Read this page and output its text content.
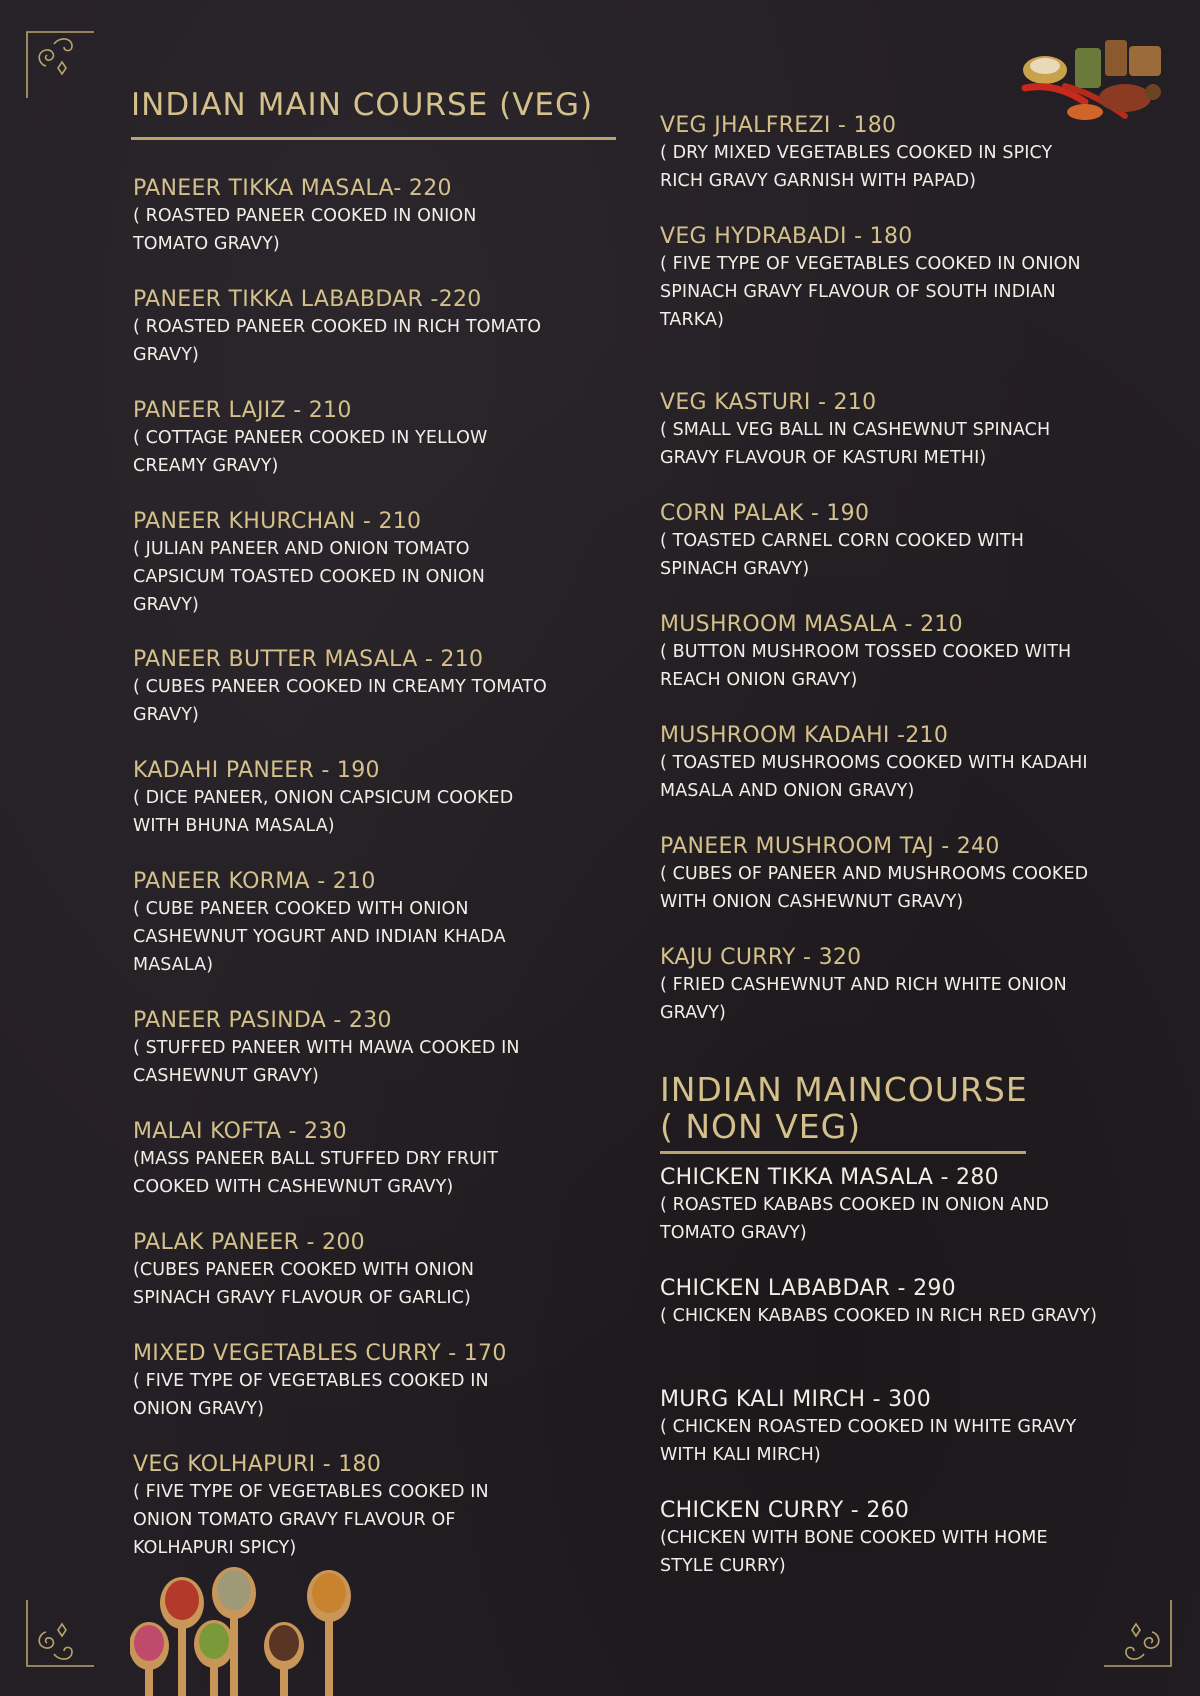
INDIAN MAIN COURSE (VEG)
PANEER TIKKA MASALA- 220
( ROASTED PANEER COOKED IN ONION TOMATO GRAVY)
PANEER TIKKA LABABDAR -220
( ROASTED PANEER COOKED IN RICH TOMATO GRAVY)
PANEER LAJIZ - 210
( COTTAGE PANEER COOKED IN YELLOW CREAMY GRAVY)
PANEER KHURCHAN - 210
( JULIAN PANEER AND ONION TOMATO CAPSICUM TOASTED COOKED IN ONION GRAVY)
PANEER BUTTER MASALA - 210
( CUBES PANEER COOKED IN CREAMY TOMATO GRAVY)
KADAHI PANEER - 190
( DICE PANEER, ONION CAPSICUM COOKED WITH BHUNA MASALA)
PANEER KORMA - 210
( CUBE PANEER COOKED WITH ONION CASHEWNUT YOGURT AND INDIAN KHADA MASALA)
PANEER PASINDA - 230
( STUFFED PANEER WITH MAWA COOKED IN CASHEWNUT GRAVY)
MALAI KOFTA - 230
(MASS PANEER BALL STUFFED DRY FRUIT COOKED WITH CASHEWNUT GRAVY)
PALAK PANEER - 200
(CUBES PANEER COOKED WITH ONION SPINACH GRAVY FLAVOUR OF GARLIC)
MIXED VEGETABLES CURRY - 170
( FIVE TYPE OF VEGETABLES COOKED IN ONION GRAVY)
VEG KOLHAPURI - 180
( FIVE TYPE OF VEGETABLES COOKED IN ONION TOMATO GRAVY FLAVOUR OF KOLHAPURI SPICY)
VEG JHALFREZI - 180
( DRY MIXED VEGETABLES COOKED IN SPICY RICH GRAVY GARNISH WITH PAPAD)
VEG HYDRABADI - 180
( FIVE TYPE OF VEGETABLES COOKED IN ONION SPINACH GRAVY FLAVOUR OF SOUTH INDIAN TARKA)
VEG KASTURI - 210
( SMALL VEG BALL IN CASHEWNUT SPINACH GRAVY FLAVOUR OF KASTURI METHI)
CORN PALAK - 190
( TOASTED CARNEL CORN COOKED WITH SPINACH GRAVY)
MUSHROOM MASALA - 210
( BUTTON MUSHROOM TOSSED COOKED WITH REACH ONION GRAVY)
MUSHROOM KADAHI -210
( TOASTED MUSHROOMS COOKED WITH KADAHI MASALA AND ONION GRAVY)
PANEER MUSHROOM TAJ - 240
( CUBES OF PANEER AND MUSHROOMS COOKED WITH ONION CASHEWNUT GRAVY)
KAJU CURRY - 320
( FRIED CASHEWNUT AND RICH WHITE ONION GRAVY)
INDIAN MAINCOURSE
( NON VEG)
CHICKEN TIKKA MASALA - 280
( ROASTED KABABS COOKED IN ONION AND TOMATO GRAVY)
CHICKEN LABABDAR - 290
( CHICKEN KABABS COOKED IN RICH RED GRAVY)
MURG KALI MIRCH - 300
( CHICKEN ROASTED COOKED IN WHITE GRAVY WITH KALI MIRCH)
CHICKEN CURRY - 260
(CHICKEN WITH BONE COOKED WITH HOME STYLE CURRY)
